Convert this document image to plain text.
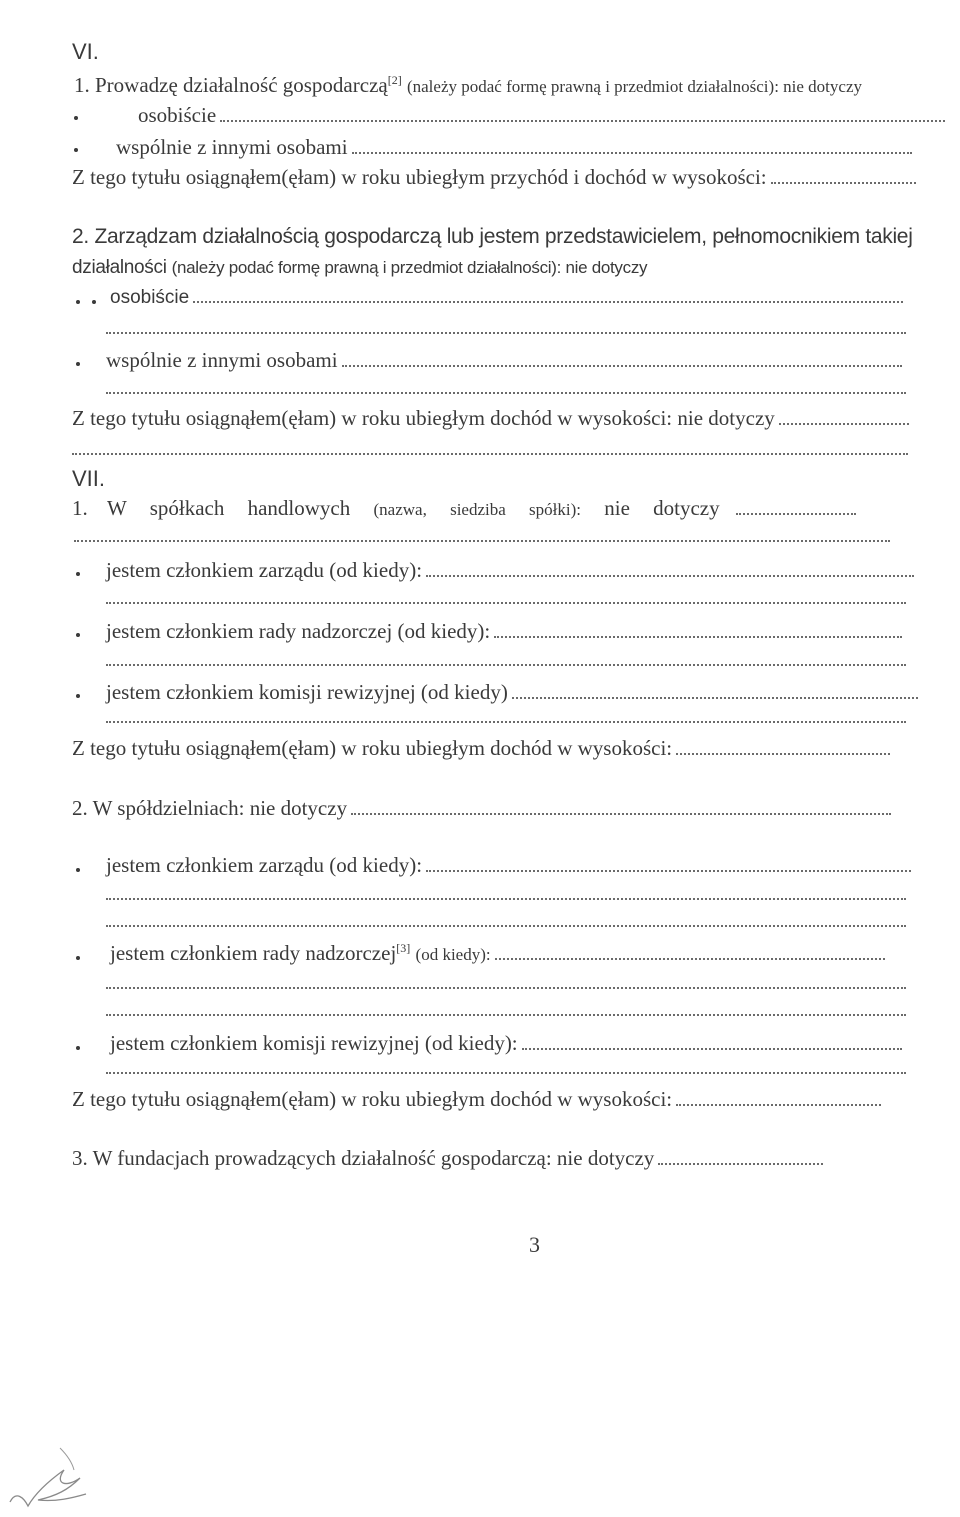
VI.
1. Prowadzę działalność gospodarczą[2] (należy podać formę prawną i przedmiot działalności): nie dotyczy
osobiście
wspólnie z innymi osobami
Z tego tytułu osiągnąłem(ęłam) w roku ubiegłym przychód i dochód w wysokości:
2. Zarządzam działalnością gospodarczą lub jestem przedstawicielem, pełnomocnikiem takiej
działalności (należy podać formę prawną i przedmiot działalności): nie dotyczy
osobiście
wspólnie z innymi osobami
Z tego tytułu osiągnąłem(ęłam) w roku ubiegłym dochód w wysokości: nie dotyczy
VII.
1. W spółkach handlowych (nazwa, siedziba spółki): nie dotyczy
jestem członkiem zarządu (od kiedy):
jestem członkiem rady nadzorczej (od kiedy):
jestem członkiem komisji rewizyjnej (od kiedy)
Z tego tytułu osiągnąłem(ęłam) w roku ubiegłym dochód w wysokości:
2. W spółdzielniach: nie dotyczy
jestem członkiem zarządu (od kiedy):
jestem członkiem rady nadzorczej[3] (od kiedy):
jestem członkiem komisji rewizyjnej (od kiedy):
Z tego tytułu osiągnąłem(ęłam) w roku ubiegłym dochód w wysokości:
3. W fundacjach prowadzących działalność gospodarczą: nie dotyczy
3
